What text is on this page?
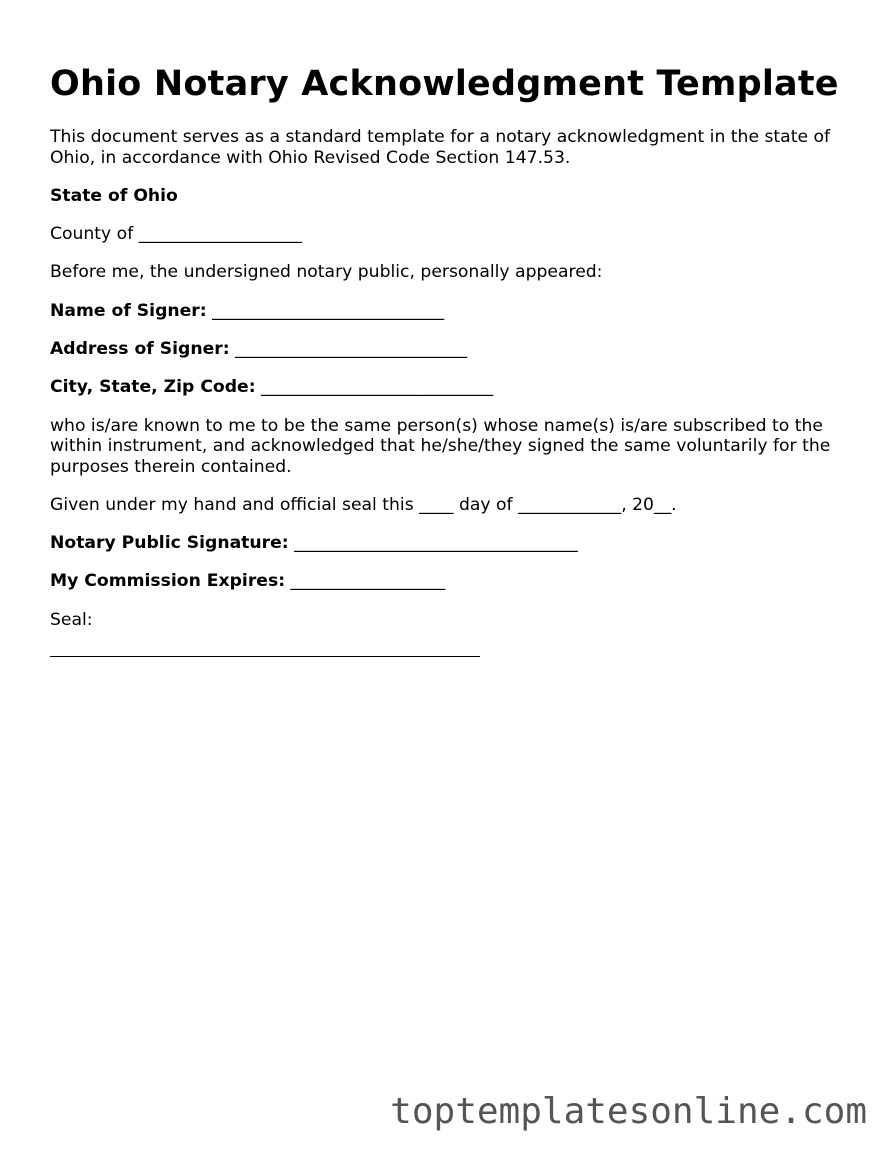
Ohio Notary Acknowledgment Template

This document serves as a standard template for a notary acknowledgment in the state of Ohio, in accordance with Ohio Revised Code Section 147.53.

State of Ohio

County of ___________________

Before me, the undersigned notary public, personally appeared:

Name of Signer: ___________________________

Address of Signer: ___________________________

City, State, Zip Code: ___________________________

who is/are known to me to be the same person(s) whose name(s) is/are subscribed to the within instrument, and acknowledged that he/she/they signed the same voluntarily for the purposes therein contained.

Given under my hand and official seal this ____ day of ____________, 20__.

Notary Public Signature: _________________________________

My Commission Expires: __________________

Seal:

toptemplatesonline.com
